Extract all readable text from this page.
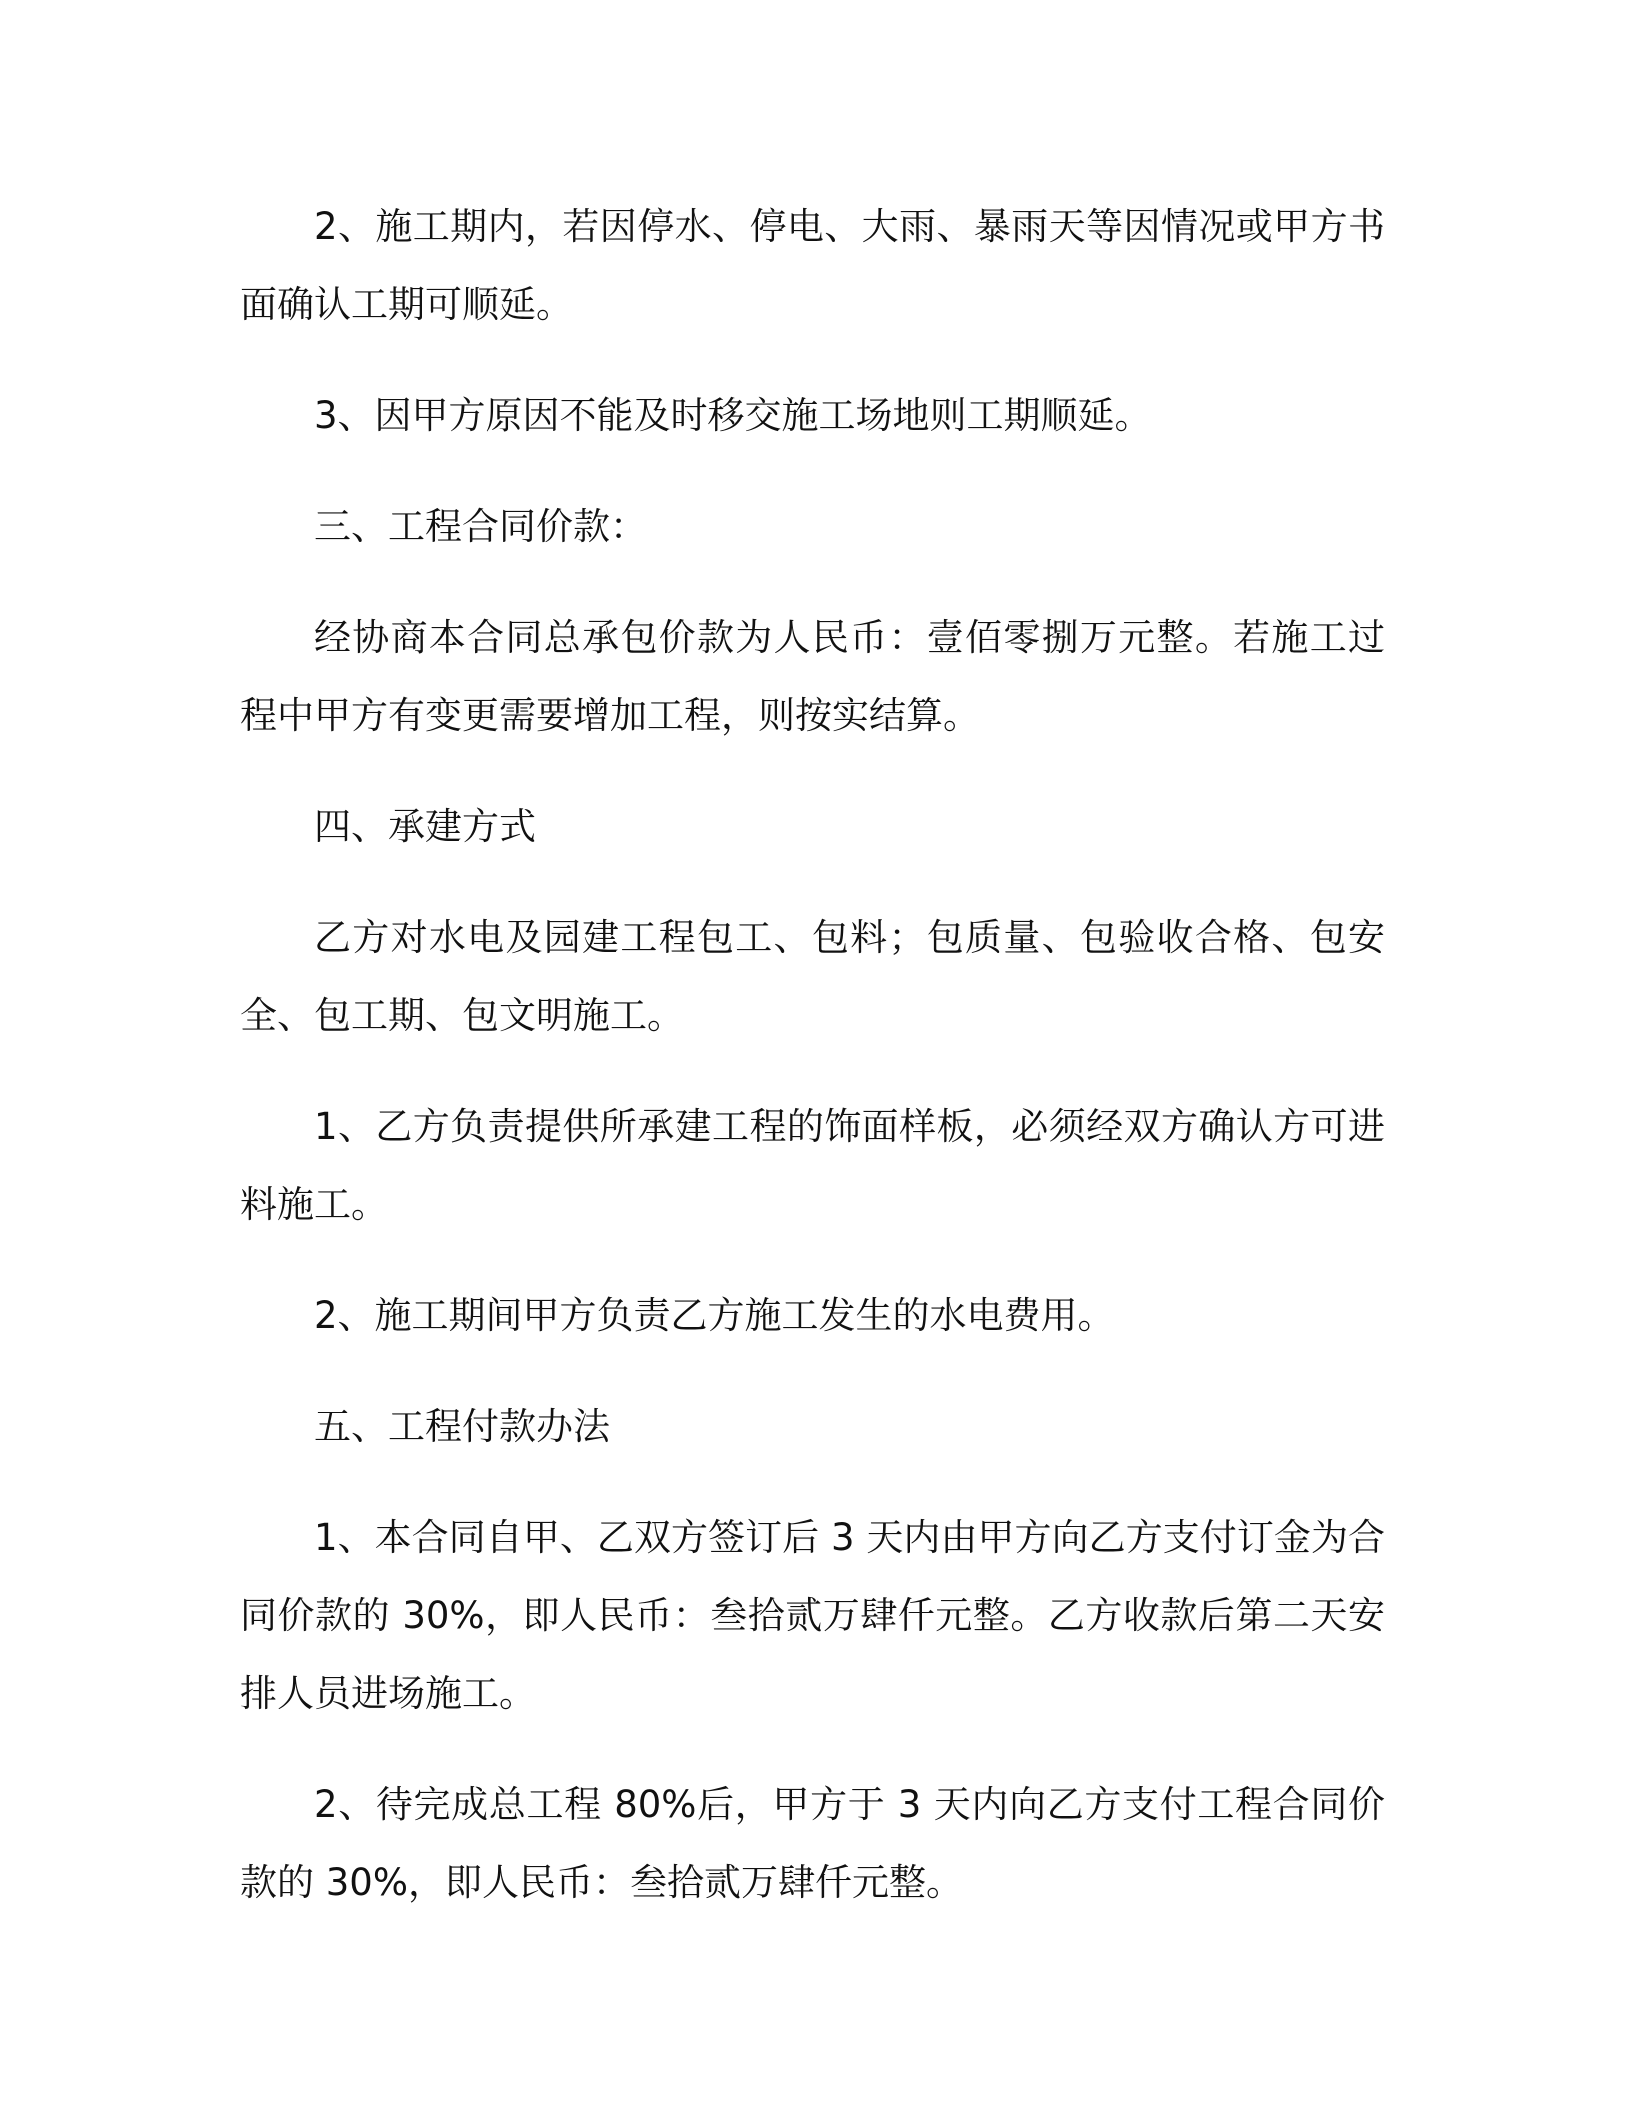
2、施工期内，若因停水、停电、大雨、暴雨天等因情况或甲方书面确认工期可顺延。

3、因甲方原因不能及时移交施工场地则工期顺延。

三、工程合同价款：

经协商本合同总承包价款为人民币：壹佰零捌万元整。若施工过程中甲方有变更需要增加工程，则按实结算。

四、承建方式

乙方对水电及园建工程包工、包料；包质量、包验收合格、包安全、包工期、包文明施工。

1、乙方负责提供所承建工程的饰面样板，必须经双方确认方可进料施工。

2、施工期间甲方负责乙方施工发生的水电费用。

五、工程付款办法

1、本合同自甲、乙双方签订后 3 天内由甲方向乙方支付订金为合同价款的 30%，即人民币：叁拾贰万肆仟元整。乙方收款后第二天安排人员进场施工。

2、待完成总工程 80%后，甲方于 3 天内向乙方支付工程合同价款的 30%，即人民币：叁拾贰万肆仟元整。
